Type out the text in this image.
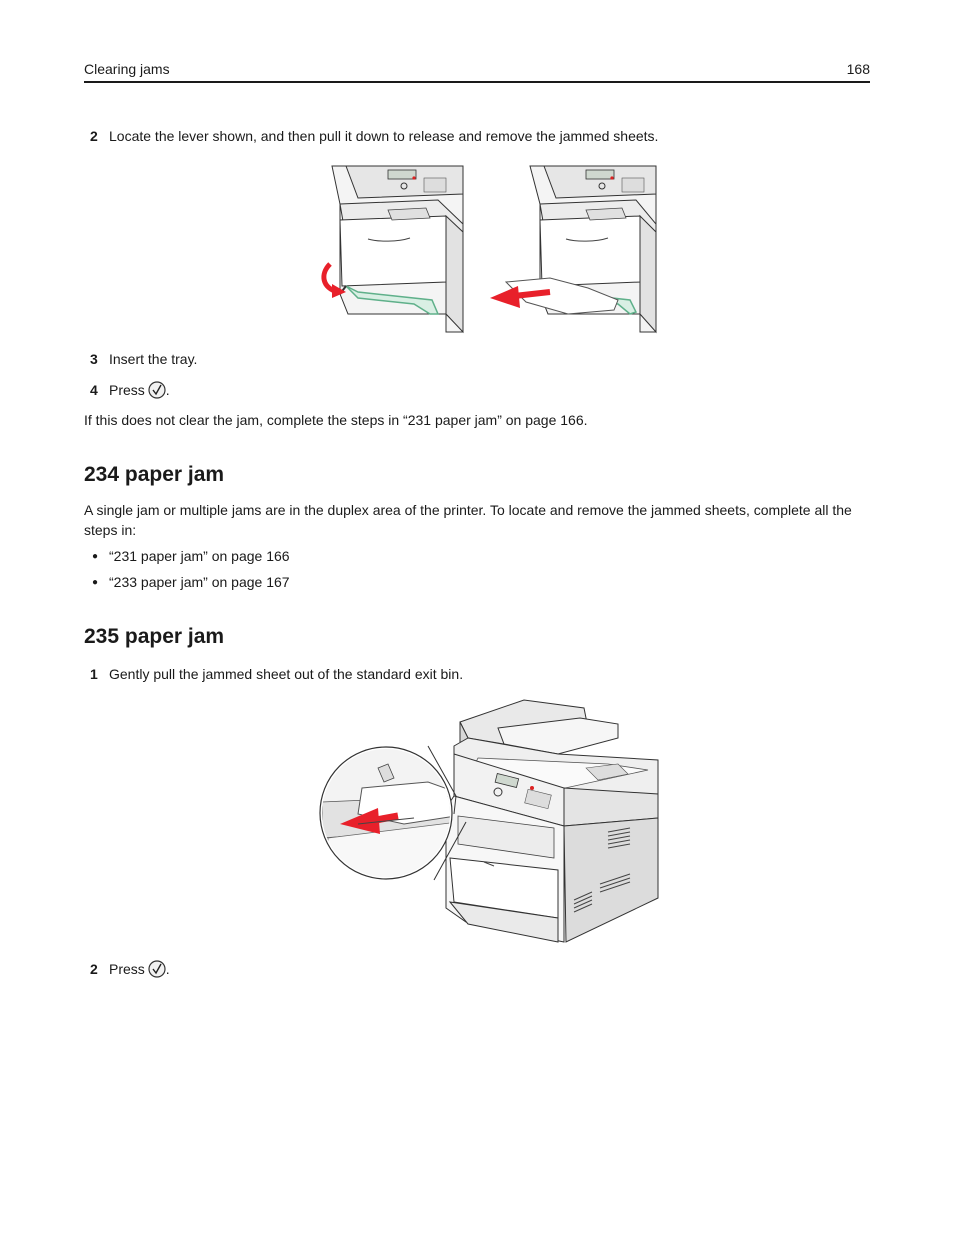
Clearing jams	168
2 Locate the lever shown, and then pull it down to release and remove the jammed sheets.
3 Insert the tray.
4 Press .
If this does not clear the jam, complete the steps in “231 paper jam” on page 166.
234 paper jam
A single jam or multiple jams are in the duplex area of the printer. To locate and remove the jammed sheets, complete all the steps in:
● “231 paper jam” on page 166
● “233 paper jam” on page 167
235 paper jam
1 Gently pull the jammed sheet out of the standard exit bin.
2 Press .
